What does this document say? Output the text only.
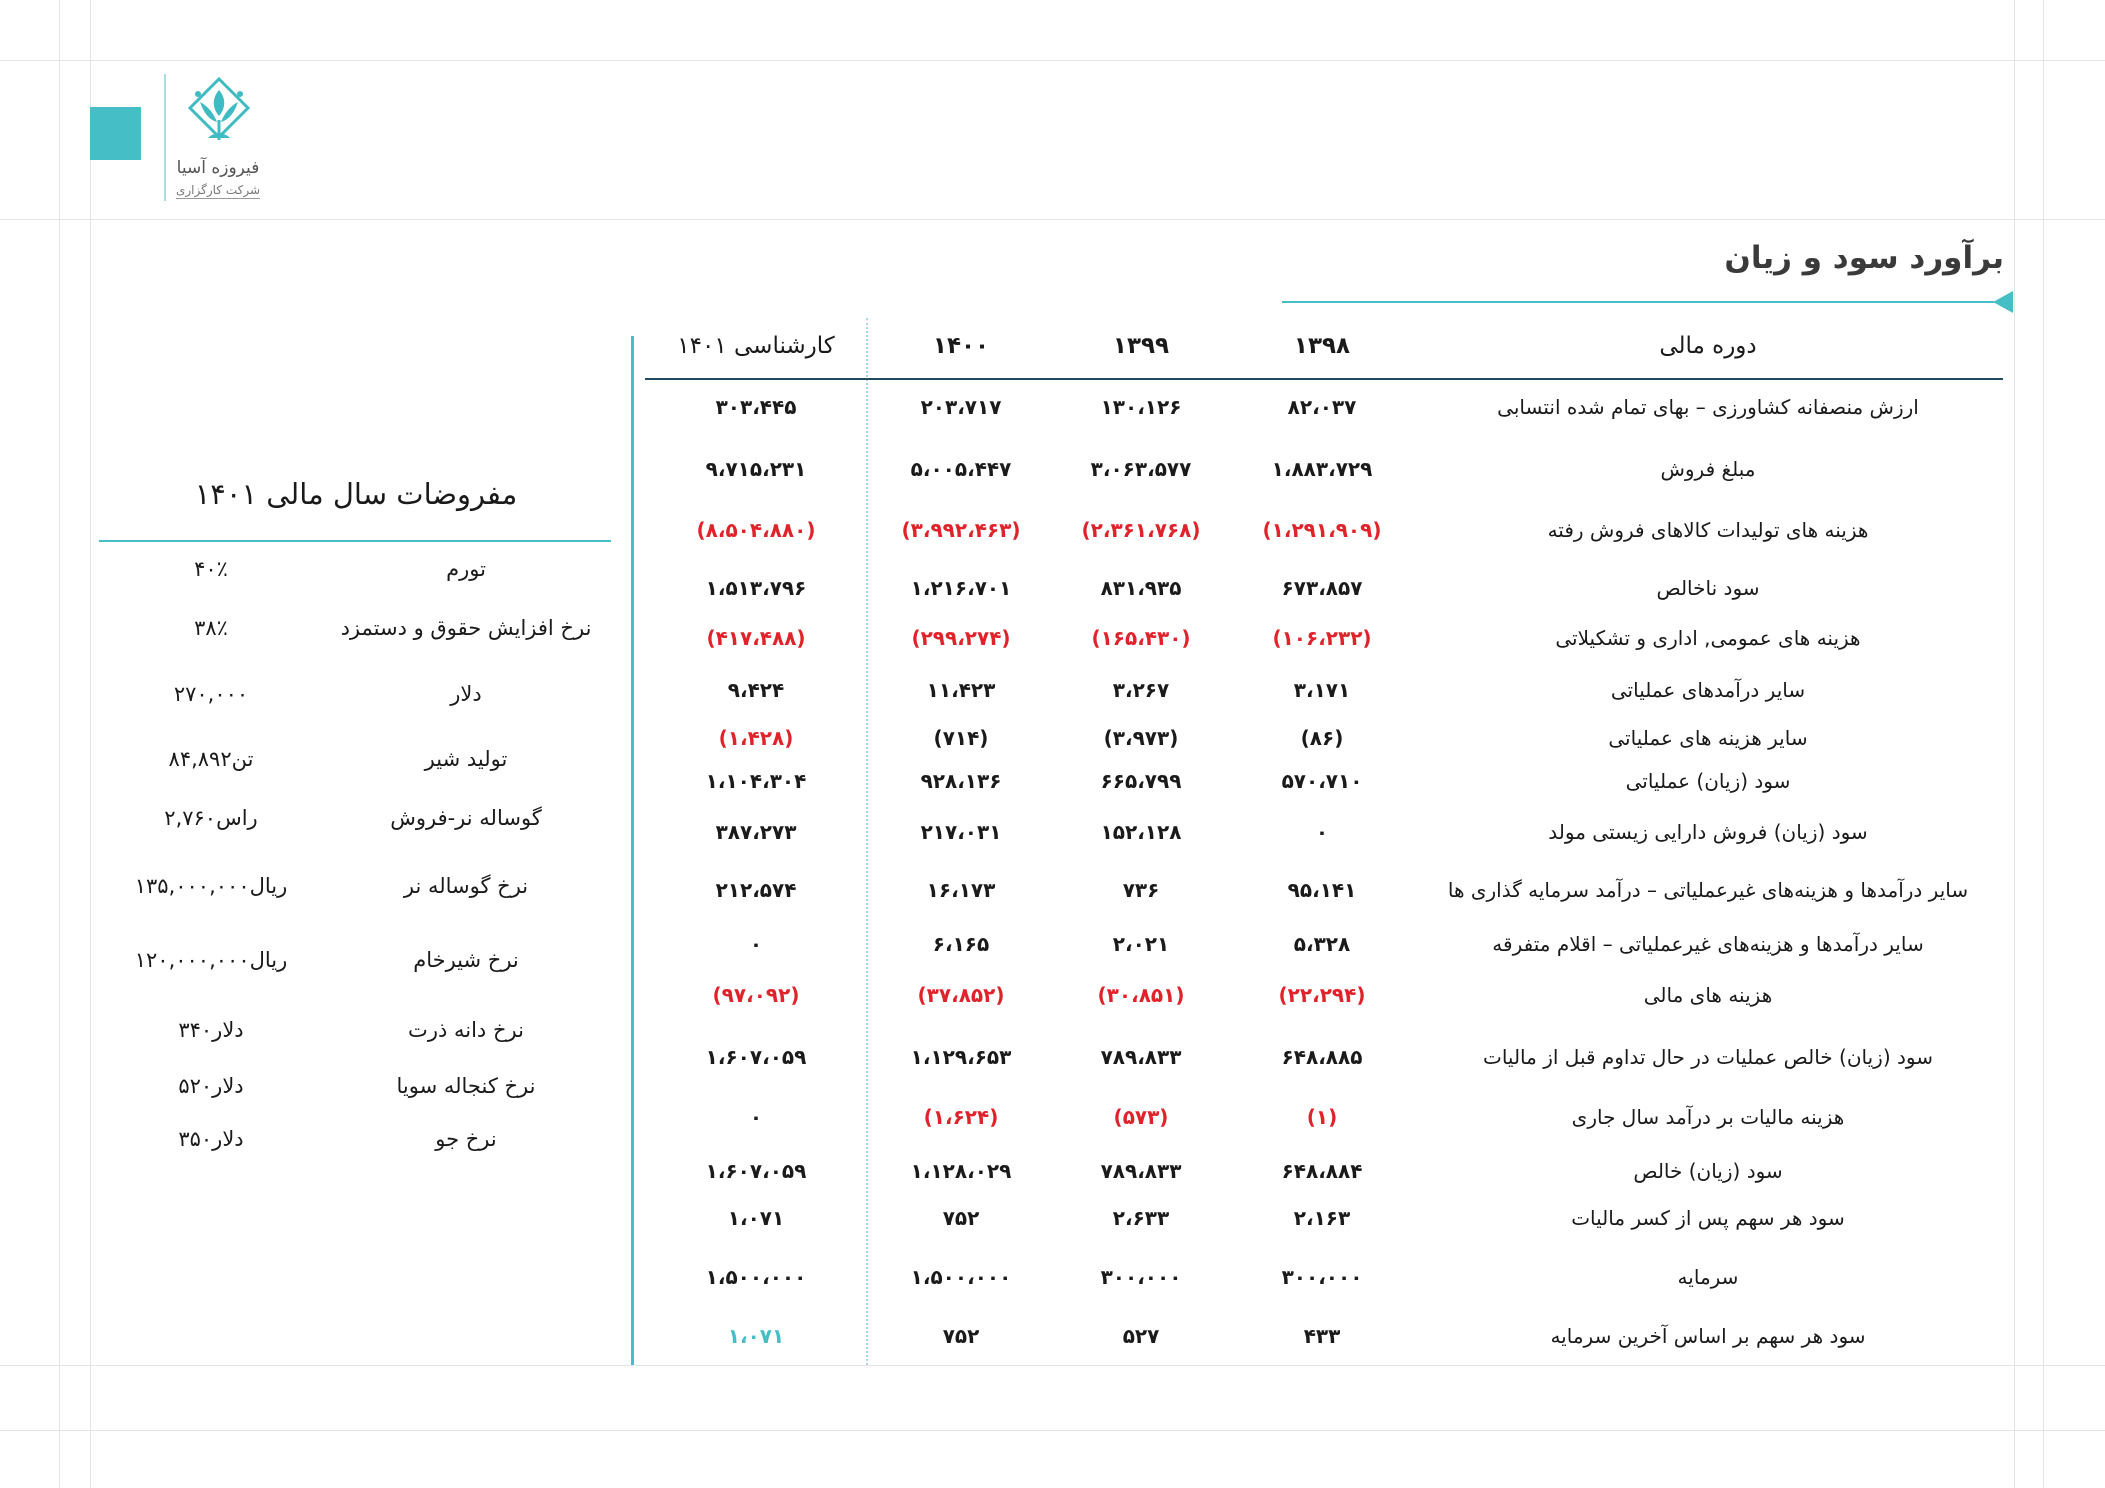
فیروزه آسیا
شرکت کارگزاری
برآورد سود و زیان
کارشناسی ۱۴۰۱	۱۴۰۰	۱۳۹۹	۱۳۹۸	دوره مالی
ارزش منصفانه کشاورزی – بهای تمام شده انتسابی
۳۰۳،۴۴۵	۲۰۳،۷۱۷	۱۳۰،۱۲۶	۸۲،۰۳۷
مبلغ فروش
۹،۷۱۵،۲۳۱	۵،۰۰۵،۴۴۷	۳،۰۶۳،۵۷۷	۱،۸۸۳،۷۲۹
هزینه های تولیدات کالاهای فروش رفته
(۸،۵۰۴،۸۸۰)	(۳،۹۹۲،۴۶۳)	(۲،۳۶۱،۷۶۸)	(۱،۲۹۱،۹۰۹)
سود ناخالص
۱،۵۱۳،۷۹۶	۱،۲۱۶،۷۰۱	۸۳۱،۹۳۵	۶۷۳،۸۵۷
هزینه های عمومی, اداری و تشکیلاتی
(۴۱۷،۴۸۸)	(۲۹۹،۲۷۴)	(۱۶۵،۴۳۰)	(۱۰۶،۲۳۲)
سایر درآمدهای عملیاتی
۹،۴۲۴	۱۱،۴۲۳	۳،۲۶۷	۳،۱۷۱
سایر هزینه های عملیاتی
(۱،۴۲۸)	(۷۱۴)	(۳،۹۷۳)	(۸۶)
سود (زیان) عملیاتی
۱،۱۰۴،۳۰۴	۹۲۸،۱۳۶	۶۶۵،۷۹۹	۵۷۰،۷۱۰
سود (زیان) فروش دارایی زیستی مولد
۳۸۷،۲۷۳	۲۱۷،۰۳۱	۱۵۲،۱۲۸	۰
سایر درآمدها و هزینه‌های غیرعملیاتی – درآمد سرمایه گذاری ها
۲۱۲،۵۷۴	۱۶،۱۷۳	۷۳۶	۹۵،۱۴۱
سایر درآمدها و هزینه‌های غیرعملیاتی – اقلام متفرقه
۰	۶،۱۶۵	۲،۰۲۱	۵،۳۲۸
هزینه های مالی
(۹۷،۰۹۲)	(۳۷،۸۵۲)	(۳۰،۸۵۱)	(۲۲،۲۹۴)
سود (زیان) خالص عملیات در حال تداوم قبل از مالیات
۱،۶۰۷،۰۵۹	۱،۱۲۹،۶۵۳	۷۸۹،۸۳۳	۶۴۸،۸۸۵
هزینه مالیات بر درآمد سال جاری
۰	(۱،۶۲۴)	(۵۷۳)	(۱)
سود (زیان) خالص
۱،۶۰۷،۰۵۹	۱،۱۲۸،۰۲۹	۷۸۹،۸۳۳	۶۴۸،۸۸۴
سود هر سهم پس از کسر مالیات
۱،۰۷۱	۷۵۲	۲،۶۳۳	۲،۱۶۳
سرمایه
۱،۵۰۰،۰۰۰	۱،۵۰۰،۰۰۰	۳۰۰،۰۰۰	۳۰۰،۰۰۰
سود هر سهم بر اساس آخرین سرمایه
۱،۰۷۱	۷۵۲	۵۲۷	۴۳۳
مفروضات سال مالی ۱۴۰۱
تورم
۴۰٪
نرخ افزایش حقوق و دستمزد
۳۸٪
دلار
۲۷۰,۰۰۰
تولید شیر
۸۴,۸۹۲تن
گوساله نر-فروش
۲,۷۶۰راس
نرخ گوساله نر
۱۳۵,۰۰۰,۰۰۰ریال
نرخ شیرخام
۱۲۰,۰۰۰,۰۰۰ریال
نرخ دانه ذرت
۳۴۰دلار
نرخ کنجاله سویا
۵۲۰دلار
نرخ جو
۳۵۰دلار
